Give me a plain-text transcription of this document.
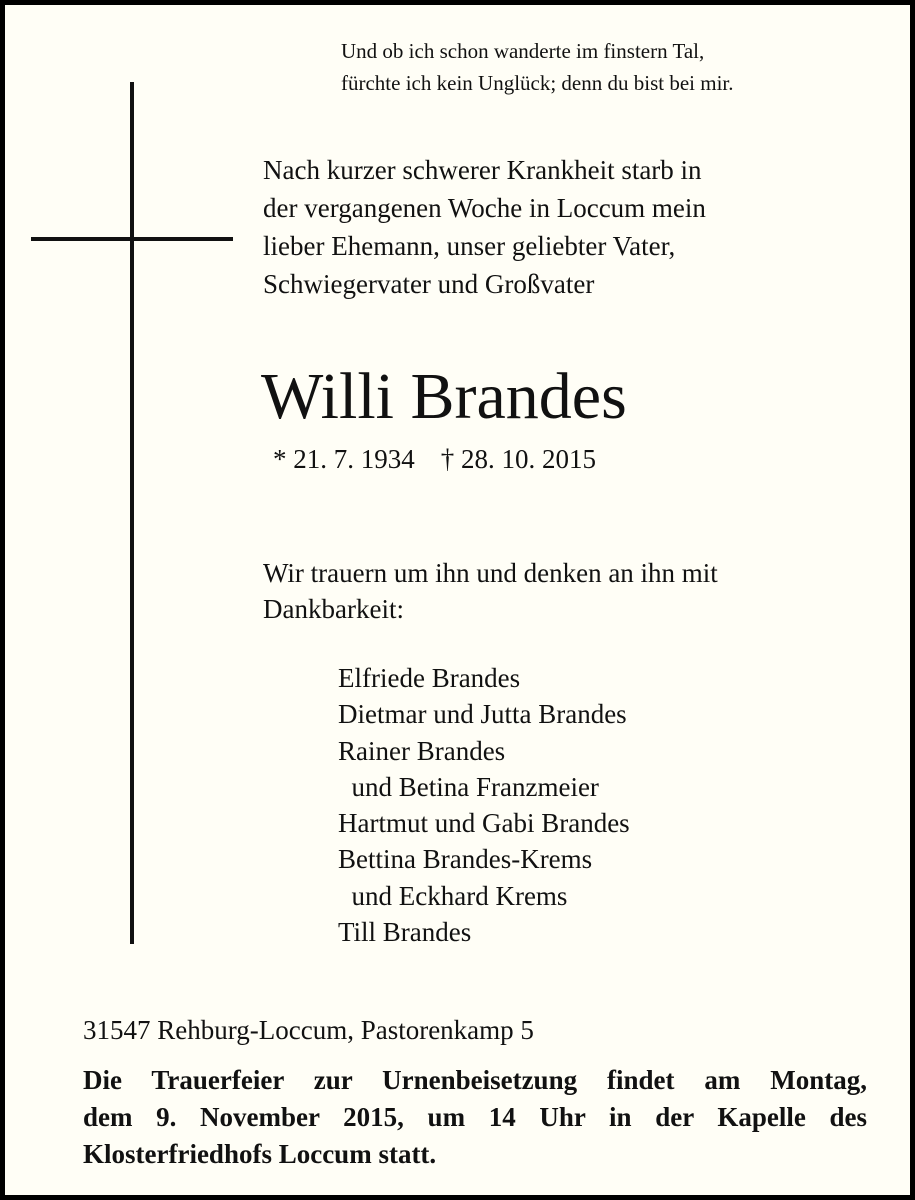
Und ob ich schon wanderte im finstern Tal,
fürchte ich kein Unglück; denn du bist bei mir.
Nach kurzer schwerer Krankheit starb in
der vergangenen Woche in Loccum mein
lieber Ehemann, unser geliebter Vater,
Schwiegervater und Großvater
Willi Brandes
* 21. 7. 1934 † 28. 10. 2015
Wir trauern um ihn und denken an ihn mit
Dankbarkeit:
Elfriede Brandes
Dietmar und Jutta Brandes
Rainer Brandes
und Betina Franzmeier
Hartmut und Gabi Brandes
Bettina Brandes-Krems
und Eckhard Krems
Till Brandes
31547 Rehburg-Loccum, Pastorenkamp 5
Die Trauerfeier zur Urnenbeisetzung findet am Montag,
dem 9. November 2015, um 14 Uhr in der Kapelle des
Klosterfriedhofs Loccum statt.
